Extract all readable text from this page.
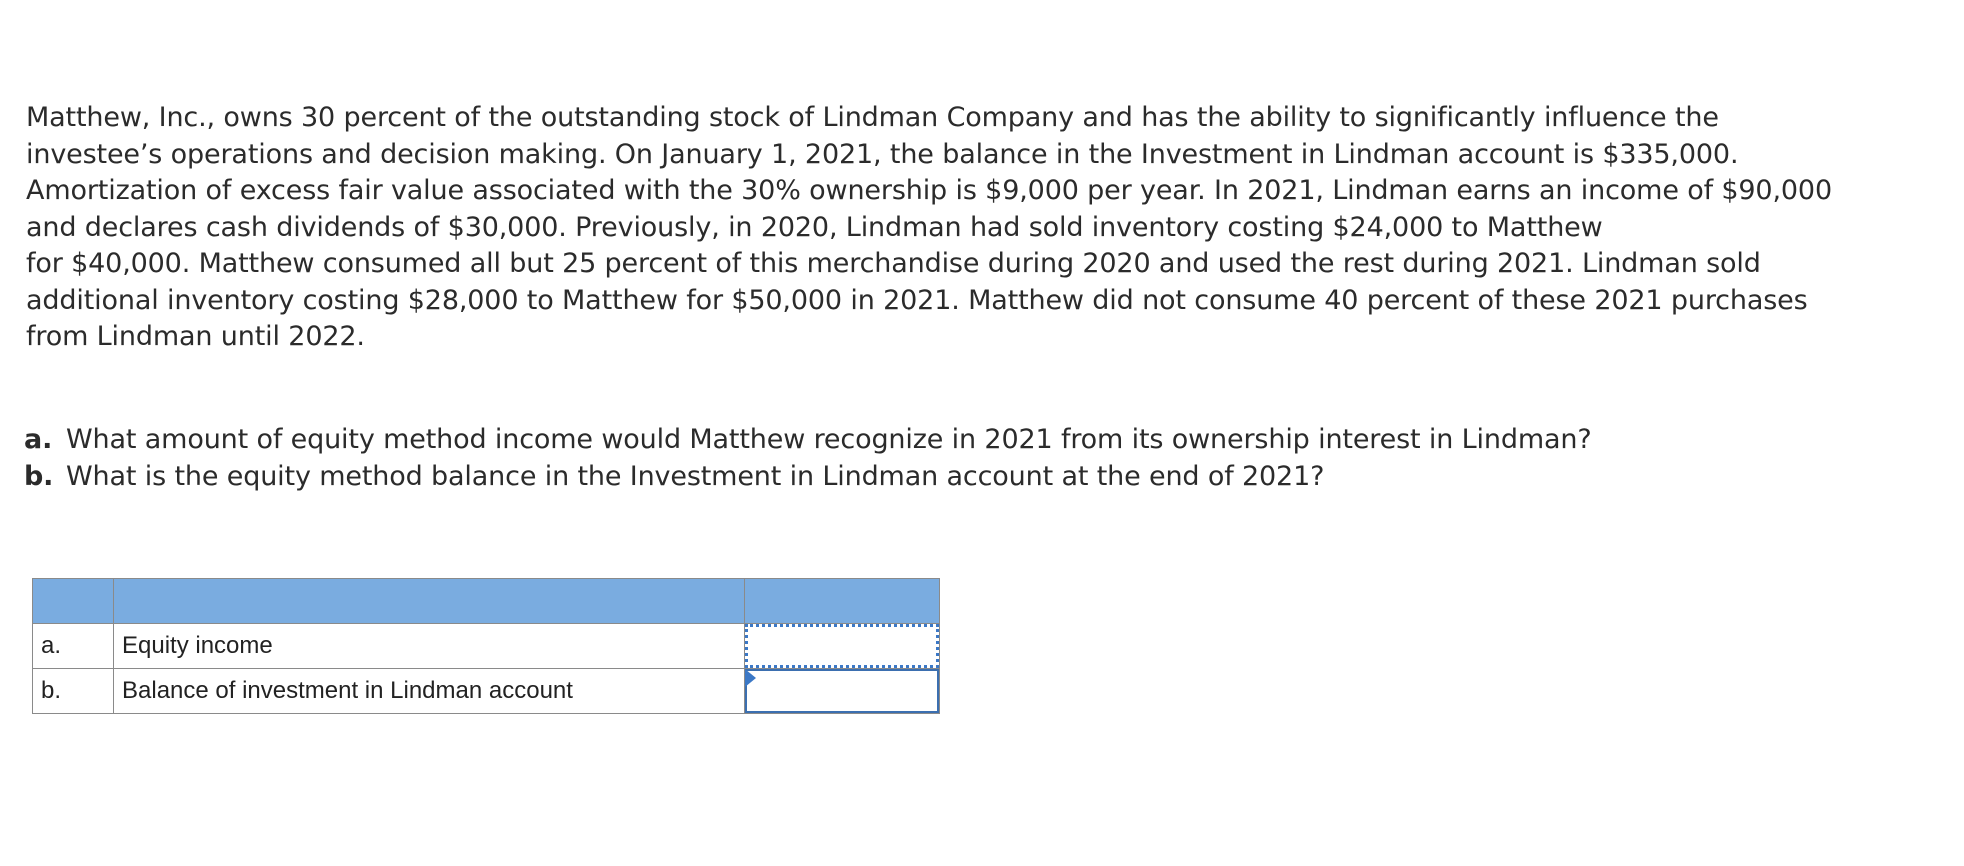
Matthew, Inc., owns 30 percent of the outstanding stock of Lindman Company and has the ability to significantly influence the
investee’s operations and decision making. On January 1, 2021, the balance in the Investment in Lindman account is $335,000.
Amortization of excess fair value associated with the 30% ownership is $9,000 per year. In 2021, Lindman earns an income of $90,000
and declares cash dividends of $30,000. Previously, in 2020, Lindman had sold inventory costing $24,000 to Matthew
for $40,000. Matthew consumed all but 25 percent of this merchandise during 2020 and used the rest during 2021. Lindman sold
additional inventory costing $28,000 to Matthew for $50,000 in 2021. Matthew did not consume 40 percent of these 2021 purchases
from Lindman until 2022.
a. What amount of equity method income would Matthew recognize in 2021 from its ownership interest in Lindman?
b. What is the equity method balance in the Investment in Lindman account at the end of 2021?

a.	Equity income	

b.	Balance of investment in Lindman account	
